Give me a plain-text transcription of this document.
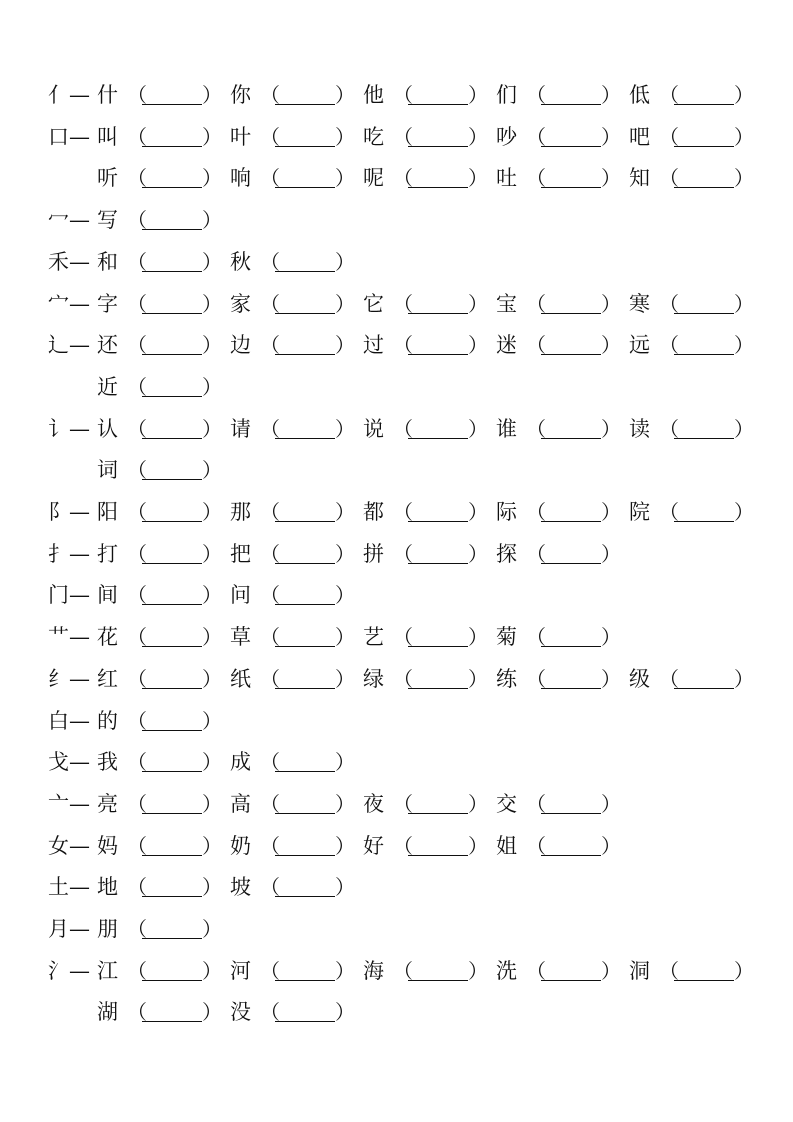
亻— 什 （	） 你 （	） 他 （	） 们 （	） 低 （	）
口— 叫 （	） 叶 （	） 吃 （	） 吵 （	） 吧 （	）
听 （	） 响 （	） 呢 （	） 吐 （	） 知 （	）
冖— 写 （	）
禾— 和 （	） 秋 （	）
宀— 字 （	） 家 （	） 它 （	） 宝 （	） 寒 （	）
辶— 还 （	） 边 （	） 过 （	） 迷 （	） 远 （	）
近 （	）
讠— 认 （	） 请 （	） 说 （	） 谁 （	） 读 （	）
词 （	）
阝— 阳 （	） 那 （	） 都 （	） 际 （	） 院 （	）
扌— 打 （	） 把 （	） 拼 （	） 探 （	）
门— 间 （	） 问 （	）
艹— 花 （	） 草 （	） 艺 （	） 菊 （	）
纟— 红 （	） 纸 （	） 绿 （	） 练 （	） 级 （	）
白— 的 （	）
戈— 我 （	） 成 （	）
亠— 亮 （	） 高 （	） 夜 （	） 交 （	）
女— 妈 （	） 奶 （	） 好 （	） 姐 （	）
土— 地 （	） 坡 （	）
月— 朋 （	）
氵— 江 （	） 河 （	） 海 （	） 洗 （	） 洞 （	）
湖 （	） 没 （	）
